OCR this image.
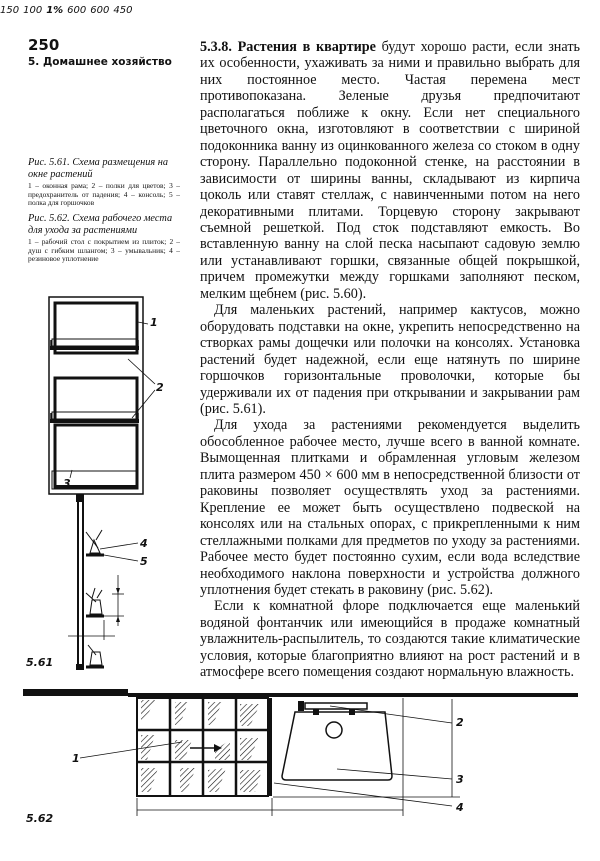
250
5. Домашнее хозяйство
Рис. 5.61. Схема размещения на окне растений
1 – оконная рама; 2 – полки для цветов; 3 – предохранитель от падения; 4 – консоль; 5 – полка для горшочков
Рис. 5.62. Схема рабочего места для ухода за растениями
1 – рабочий стол с покрытием из плиток; 2 – душ с гибким шлангом; 3 – умывальник; 4 – резиновое уплотнение

5.3.8. Растения в квартире будут хорошо расти, если знать их особенности, ухаживать за ними и правильно выбрать для них постоянное место. Частая перемена мест противопоказана. Зеленые друзья предпочитают располагаться поближе к окну. Если нет специального цветочного окна, изготовляют в соответствии с шириной подоконника ванну из оцинкованного железа со стоком в одну сторону. Параллельно подоконной стенке, на расстоянии в зависимости от ширины ванны, складывают из кирпича цоколь или ставят стеллаж, с навинченными потом на него декоративными плитами. Торцевую сторону закрывают съемной решеткой. Под сток подставляют емкость. Во вставленную ванну на слой песка насыпают садовую землю или устанавливают горшки, связанные общей покрышкой, причем промежутки между горшками заполняют песком, мелким щебнем (рис. 5.60).

Для маленьких растений, например кактусов, можно оборудовать подставки на окне, укрепить непосредственно на створках рамы дощечки или полочки на консолях. Установка растений будет надежной, если еще натянуть по ширине горшочков горизонтальные проволочки, которые бы удерживали их от падения при открывании и закрывании рам (рис. 5.61).

Для ухода за растениями рекомендуется выделить обособленное рабочее место, лучше всего в ванной комнате. Вымощенная плитками и обрамленная угловым железом плита размером 450 × 600 мм в непосредственной близости от раковины позволяет осуществлять уход за растениями. Крепление ее может быть осуществлено подвеской на консолях или на стальных опорах, с прикрепленными к ним стеллажными полками для предметов по уходу за растениями. Рабочее место будет постоянно сухим, если вода вследствие необходимого наклона поверхности и устройства должного уплотнения будет стекать в раковину (рис. 5.62).

Если к комнатной флоре подключается еще маленький водяной фонтанчик или имеющийся в продаже комнатный увлажнитель-распылитель, то создаются такие климатические условия, которые благоприятно влияют на рост растений и в атмосфере всего помещения создают нормальную влажность.

1
2
3
4
5
150 100
5.61
1
2
3
4
1% 600 600 450
5.62
